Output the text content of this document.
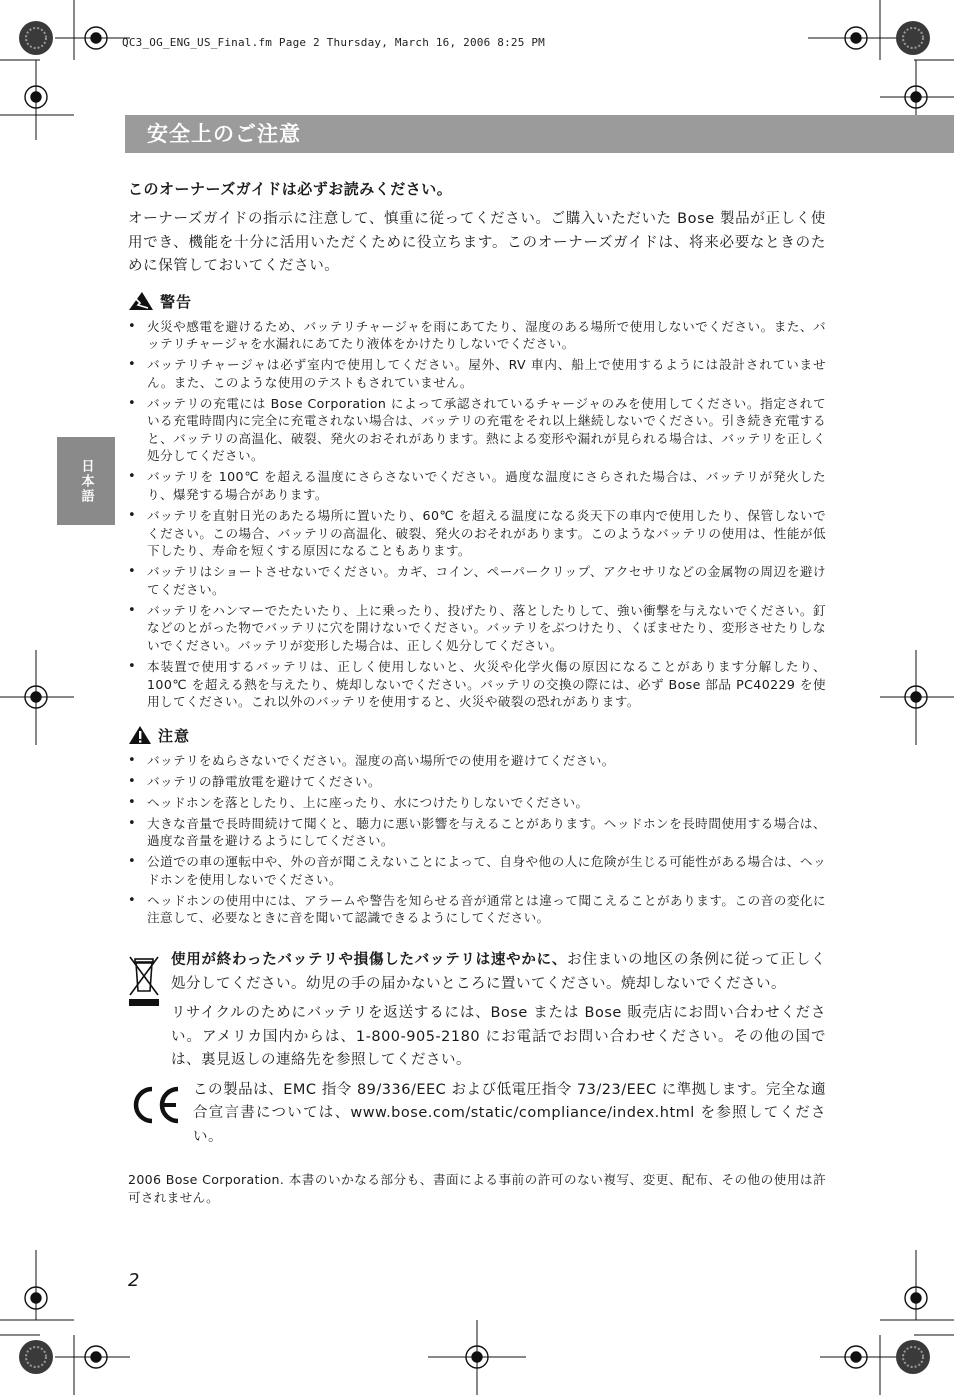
QC3_OG_ENG_US_Final.fm Page 2 Thursday, March 16, 2006 8:25 PM
安全上のご注意
日本語

このオーナーズガイドは必ずお読みください。

オーナーズガイドの指示に注意して、慎重に従ってください。ご購入いただいた Bose 製品が正しく使用でき、機能を十分に活用いただくために役立ちます。このオーナーズガイドは、将来必要なときのために保管しておいてください。

警告
• 火災や感電を避けるため、バッテリチャージャを雨にあてたり、湿度のある場所で使用しないでください。また、バッテリチャージャを水漏れにあてたり液体をかけたりしないでください。
• バッテリチャージャは必ず室内で使用してください。屋外、RV 車内、船上で使用するようには設計されていません。また、このような使用のテストもされていません。
• バッテリの充電には Bose Corporation によって承認されているチャージャのみを使用してください。指定されている充電時間内に完全に充電されない場合は、バッテリの充電をそれ以上継続しないでください。引き続き充電すると、バッテリの高温化、破裂、発火のおそれがあります。熱による変形や漏れが見られる場合は、バッテリを正しく処分してください。
• バッテリを 100℃ を超える温度にさらさないでください。過度な温度にさらされた場合は、バッテリが発火したり、爆発する場合があります。
• バッテリを直射日光のあたる場所に置いたり、60℃ を超える温度になる炎天下の車内で使用したり、保管しないでください。この場合、バッテリの高温化、破裂、発火のおそれがあります。このようなバッテリの使用は、性能が低下したり、寿命を短くする原因になることもあります。
• バッテリはショートさせないでください。カギ、コイン、ペーパークリップ、アクセサリなどの金属物の周辺を避けてください。
• バッテリをハンマーでたたいたり、上に乗ったり、投げたり、落としたりして、強い衝撃を与えないでください。釘などのとがった物でバッテリに穴を開けないでください。バッテリをぶつけたり、くぼませたり、変形させたりしないでください。バッテリが変形した場合は、正しく処分してください。
• 本装置で使用するバッテリは、正しく使用しないと、火災や化学火傷の原因になることがあります分解したり、100℃ を超える熱を与えたり、焼却しないでください。バッテリの交換の際には、必ず Bose 部品 PC40229 を使用してください。これ以外のバッテリを使用すると、火災や破裂の恐れがあります。
注意
• バッテリをぬらさないでください。湿度の高い場所での使用を避けてください。
• バッテリの静電放電を避けてください。
• ヘッドホンを落としたり、上に座ったり、水につけたりしないでください。
• 大きな音量で長時間続けて聞くと、聴力に悪い影響を与えることがあります。ヘッドホンを長時間使用する場合は、過度な音量を避けるようにしてください。
• 公道での車の運転中や、外の音が聞こえないことによって、自身や他の人に危険が生じる可能性がある場合は、ヘッドホンを使用しないでください。
• ヘッドホンの使用中には、アラームや警告を知らせる音が通常とは違って聞こえることがあります。この音の変化に注意して、必要なときに音を聞いて認識できるようにしてください。

使用が終わったバッテリや損傷したバッテリは速やかに、お住まいの地区の条例に従って正しく処分してください。幼児の手の届かないところに置いてください。焼却しないでください。

リサイクルのためにバッテリを返送するには、Bose または Bose 販売店にお問い合わせください。アメリカ国内からは、1-800-905-2180 にお電話でお問い合わせください。その他の国では、裏見返しの連絡先を参照してください。

この製品は、EMC 指令 89/336/EEC および低電圧指令 73/23/EEC に準拠します。完全な適合宣言書については、www.bose.com/static/compliance/index.html を参照してください。

2006 Bose Corporation. 本書のいかなる部分も、書面による事前の許可のない複写、変更、配布、その他の使用は許可されません。

2
